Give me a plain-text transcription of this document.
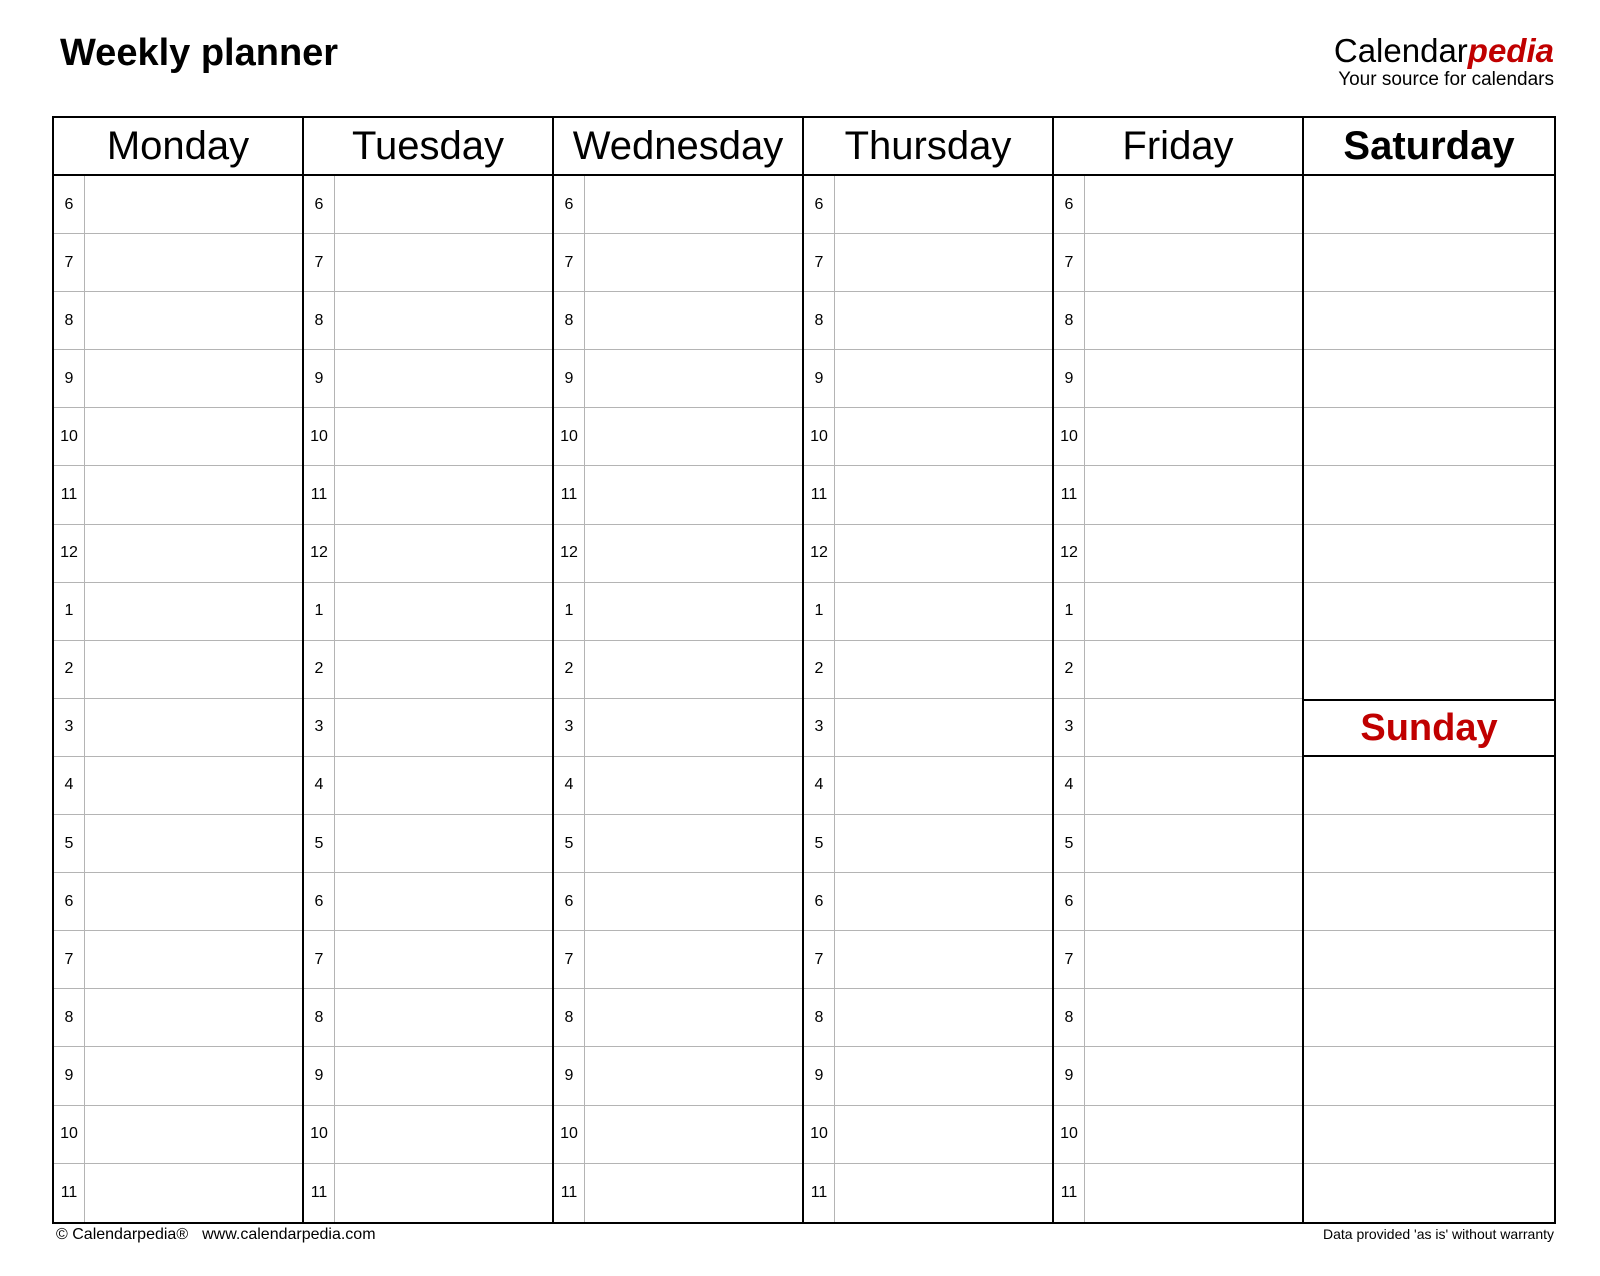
Weekly planner	Calendarpedia
Your source for calendars
Monday
6
7
8
9
10
11
12
1
2
3
4
5
6
7
8
9
10
11
Tuesday
6
7
8
9
10
11
12
1
2
3
4
5
6
7
8
9
10
11
Wednesday
6
7
8
9
10
11
12
1
2
3
4
5
6
7
8
9
10
11
Thursday
6
7
8
9
10
11
12
1
2
3
4
5
6
7
8
9
10
11
Friday
6
7
8
9
10
11
12
1
2
3
4
5
6
7
8
9
10
11
Saturday
Sunday
© Calendarpedia® www.calendarpedia.com	Data provided 'as is' without warranty
